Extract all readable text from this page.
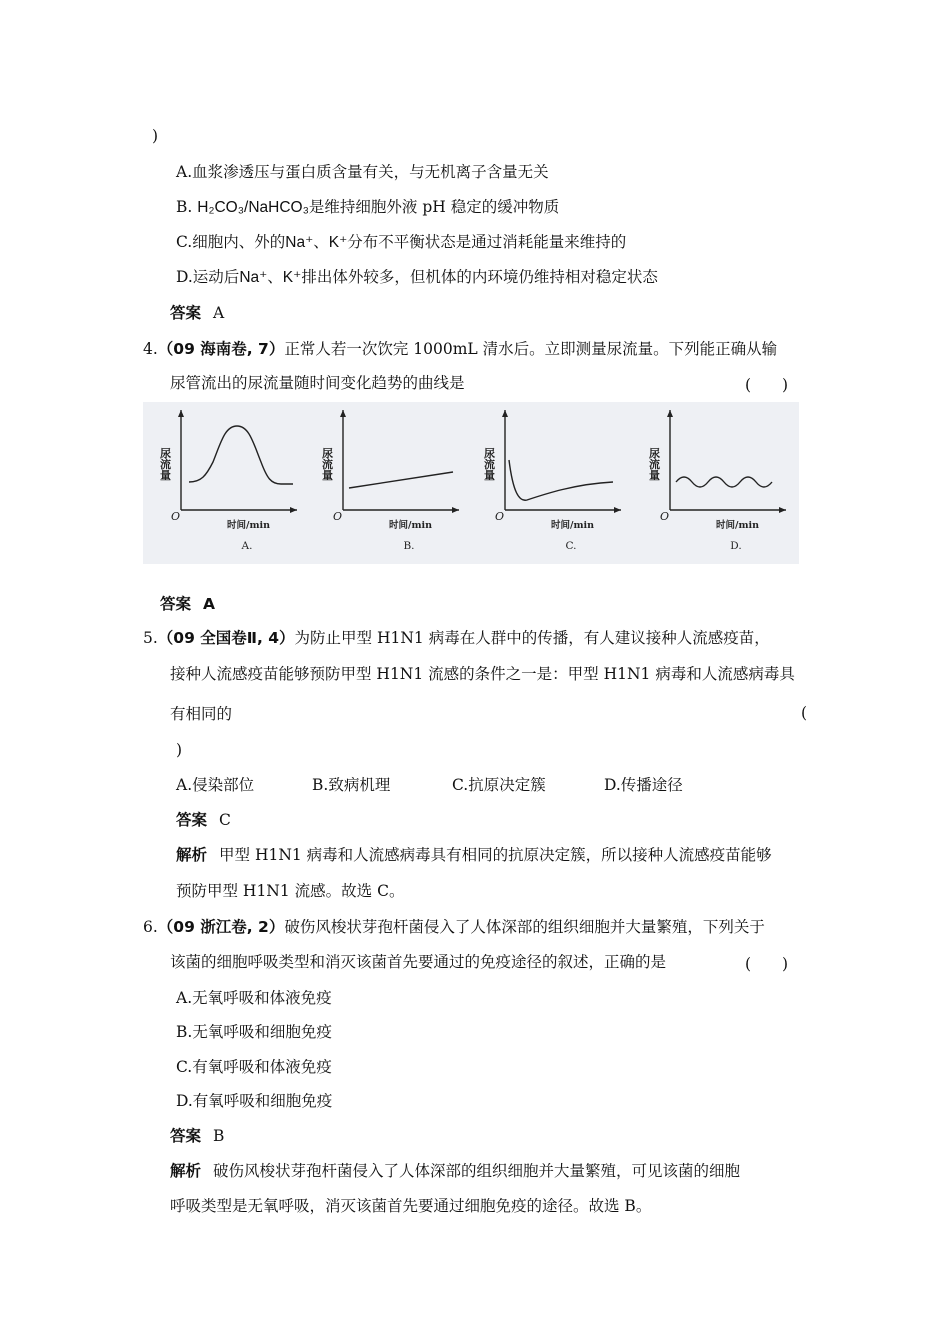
)
A.血浆渗透压与蛋白质含量有关，与无机离子含量无关
B. H₂CO₃/NaHCO₃是维持细胞外液 pH 稳定的缓冲物质
C.细胞内、外的Na⁺、K⁺分布不平衡状态是通过消耗能量来维持的
D.运动后Na⁺、K⁺排出体外较多，但机体的内环境仍维持相对稳定状态
答案 A
4.（09 海南卷, 7）正常人若一次饮完 1000mL 清水后。立即测量尿流量。下列能正确从输
尿管流出的尿流量随时间变化趋势的曲线是	(　　)
O
尿流量
时间/min
A.
O
尿流量
时间/min
B.
O
尿流量
时间/min
C.
O
尿流量
时间/min
D.
答案 A
5.（09 全国卷Ⅱ, 4）为防止甲型 H1N1 病毒在人群中的传播，有人建议接种人流感疫苗，
接种人流感疫苗能够预防甲型 H1N1 流感的条件之一是：甲型 H1N1 病毒和人流感病毒具
有相同的	(
)
A.侵染部位	B.致病机理	C.抗原决定簇	D.传播途径
答案 C
解析 甲型 H1N1 病毒和人流感病毒具有相同的抗原决定簇，所以接种人流感疫苗能够
预防甲型 H1N1 流感。故选 C。
6.（09 浙江卷, 2）破伤风梭状芽孢杆菌侵入了人体深部的组织细胞并大量繁殖，下列关于
该菌的细胞呼吸类型和消灭该菌首先要通过的免疫途径的叙述，正确的是	(　　)
A.无氧呼吸和体液免疫
B.无氧呼吸和细胞免疫
C.有氧呼吸和体液免疫
D.有氧呼吸和细胞免疫
答案 B
解析 破伤风梭状芽孢杆菌侵入了人体深部的组织细胞并大量繁殖，可见该菌的细胞
呼吸类型是无氧呼吸，消灭该菌首先要通过细胞免疫的途径。故选 B。
